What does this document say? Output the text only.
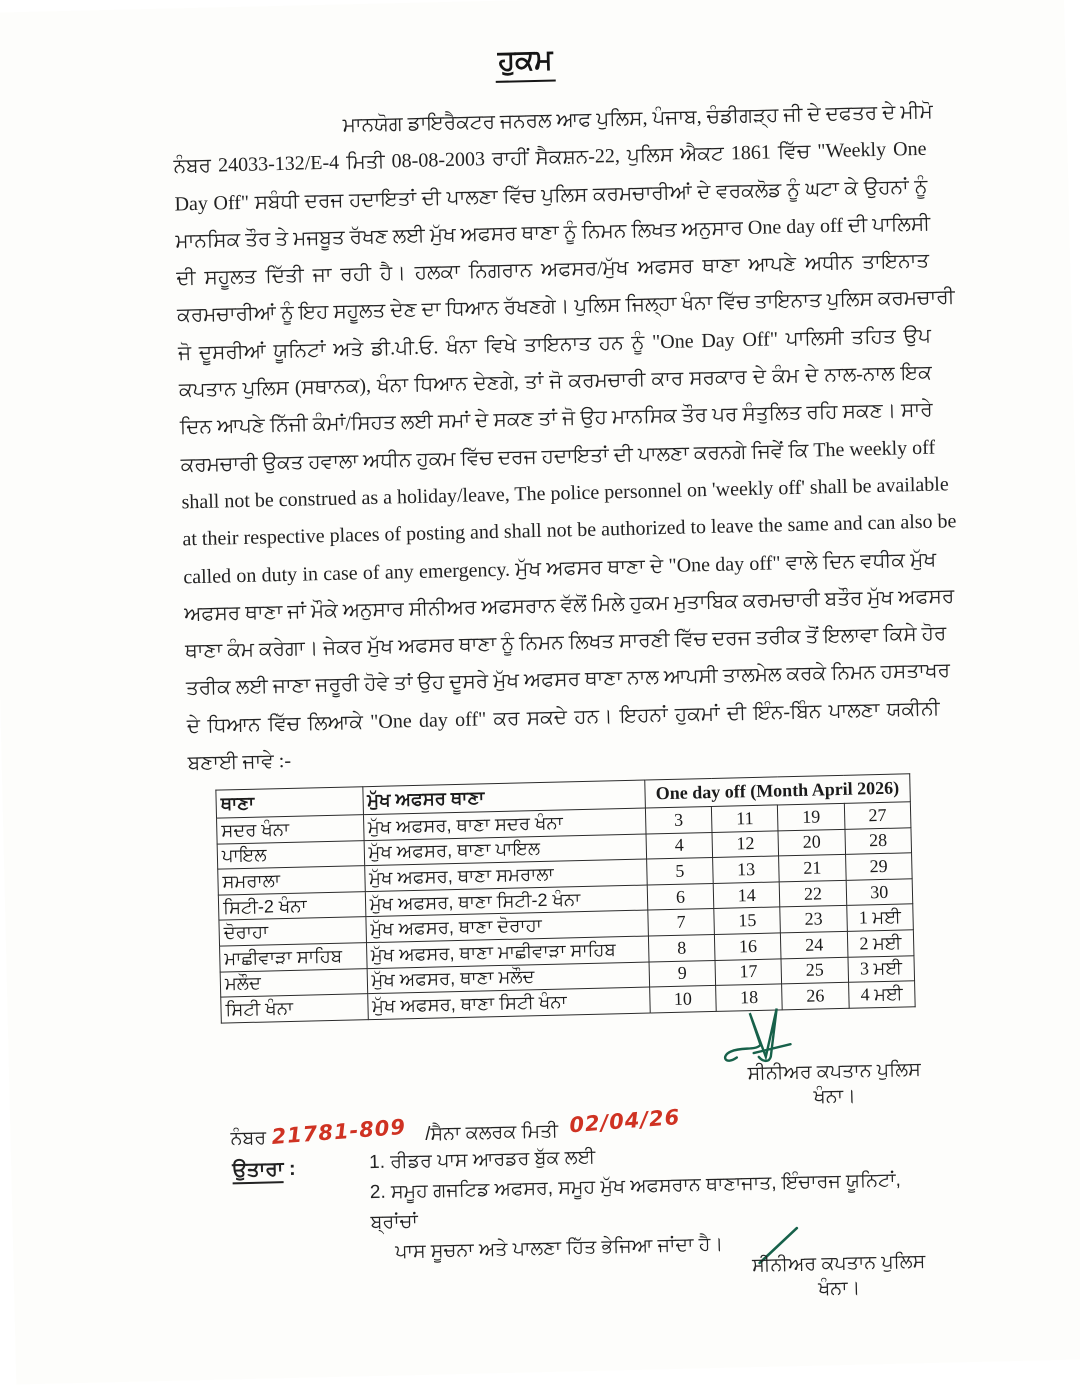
ਹੁਕਮ
ਮਾਨਯੋਗ ਡਾਇਰੈਕਟਰ ਜਨਰਲ ਆਫ ਪੁਲਿਸ, ਪੰਜਾਬ, ਚੰਡੀਗੜ੍ਹ ਜੀ ਦੇ ਦਫਤਰ ਦੇ ਮੀਮੋ
ਨੰਬਰ 24033-132/E-4 ਮਿਤੀ 08-08-2003 ਰਾਹੀਂ ਸੈਕਸ਼ਨ-22, ਪੁਲਿਸ ਐਕਟ 1861 ਵਿੱਚ "Weekly One
Day Off" ਸਬੰਧੀ ਦਰਜ ਹਦਾਇਤਾਂ ਦੀ ਪਾਲਣਾ ਵਿੱਚ ਪੁਲਿਸ ਕਰਮਚਾਰੀਆਂ ਦੇ ਵਰਕਲੋਡ ਨੂੰ ਘਟਾ ਕੇ ਉਹਨਾਂ ਨੂੰ
ਮਾਨਸਿਕ ਤੌਰ ਤੇ ਮਜਬੂਤ ਰੱਖਣ ਲਈ ਮੁੱਖ ਅਫਸਰ ਥਾਣਾ ਨੂੰ ਨਿਮਨ ਲਿਖਤ ਅਨੁਸਾਰ One day off ਦੀ ਪਾਲਿਸੀ
ਦੀ ਸਹੂਲਤ ਦਿੱਤੀ ਜਾ ਰਹੀ ਹੈ। ਹਲਕਾ ਨਿਗਰਾਨ ਅਫਸਰ/ਮੁੱਖ ਅਫਸਰ ਥਾਣਾ ਆਪਣੇ ਅਧੀਨ ਤਾਇਨਾਤ
ਕਰਮਚਾਰੀਆਂ ਨੂੰ ਇਹ ਸਹੂਲਤ ਦੇਣ ਦਾ ਧਿਆਨ ਰੱਖਣਗੇ। ਪੁਲਿਸ ਜਿਲ੍ਹਾ ਖੰਨਾ ਵਿੱਚ ਤਾਇਨਾਤ ਪੁਲਿਸ ਕਰਮਚਾਰੀ
ਜੋ ਦੂਸਰੀਆਂ ਯੂਨਿਟਾਂ ਅਤੇ ਡੀ.ਪੀ.ਓ. ਖੰਨਾ ਵਿਖੇ ਤਾਇਨਾਤ ਹਨ ਨੂੰ "One Day Off" ਪਾਲਿਸੀ ਤਹਿਤ ਉਪ
ਕਪਤਾਨ ਪੁਲਿਸ (ਸਥਾਨਕ), ਖੰਨਾ ਧਿਆਨ ਦੇਣਗੇ, ਤਾਂ ਜੋ ਕਰਮਚਾਰੀ ਕਾਰ ਸਰਕਾਰ ਦੇ ਕੰਮ ਦੇ ਨਾਲ-ਨਾਲ ਇਕ
ਦਿਨ ਆਪਣੇ ਨਿੱਜੀ ਕੰਮਾਂ/ਸਿਹਤ ਲਈ ਸਮਾਂ ਦੇ ਸਕਣ ਤਾਂ ਜੋ ਉਹ ਮਾਨਸਿਕ ਤੌਰ ਪਰ ਸੰਤੁਲਿਤ ਰਹਿ ਸਕਣ। ਸਾਰੇ
ਕਰਮਚਾਰੀ ਉਕਤ ਹਵਾਲਾ ਅਧੀਨ ਹੁਕਮ ਵਿੱਚ ਦਰਜ ਹਦਾਇਤਾਂ ਦੀ ਪਾਲਣਾ ਕਰਨਗੇ ਜਿਵੇਂ ਕਿ The weekly off
shall not be construed as a holiday/leave, The police personnel on 'weekly off' shall be available
at their respective places of posting and shall not be authorized to leave the same and can also be
called on duty in case of any emergency. ਮੁੱਖ ਅਫਸਰ ਥਾਣਾ ਦੇ "One day off" ਵਾਲੇ ਦਿਨ ਵਧੀਕ ਮੁੱਖ
ਅਫਸਰ ਥਾਣਾ ਜਾਂ ਮੌਕੇ ਅਨੁਸਾਰ ਸੀਨੀਅਰ ਅਫਸਰਾਨ ਵੱਲੋਂ ਮਿਲੇ ਹੁਕਮ ਮੁਤਾਬਿਕ ਕਰਮਚਾਰੀ ਬਤੌਰ ਮੁੱਖ ਅਫਸਰ
ਥਾਣਾ ਕੰਮ ਕਰੇਗਾ। ਜੇਕਰ ਮੁੱਖ ਅਫਸਰ ਥਾਣਾ ਨੂੰ ਨਿਮਨ ਲਿਖਤ ਸਾਰਣੀ ਵਿੱਚ ਦਰਜ ਤਰੀਕ ਤੋਂ ਇਲਾਵਾ ਕਿਸੇ ਹੋਰ
ਤਰੀਕ ਲਈ ਜਾਣਾ ਜਰੂਰੀ ਹੋਵੇ ਤਾਂ ਉਹ ਦੂਸਰੇ ਮੁੱਖ ਅਫਸਰ ਥਾਣਾ ਨਾਲ ਆਪਸੀ ਤਾਲਮੇਲ ਕਰਕੇ ਨਿਮਨ ਹਸਤਾਖਰ
ਦੇ ਧਿਆਨ ਵਿੱਚ ਲਿਆਕੇ "One day off" ਕਰ ਸਕਦੇ ਹਨ। ਇਹਨਾਂ ਹੁਕਮਾਂ ਦੀ ਇੰਨ-ਬਿੰਨ ਪਾਲਣਾ ਯਕੀਨੀ
ਬਣਾਈ ਜਾਵੇ :-
ਥਾਣਾ	ਮੁੱਖ ਅਫਸਰ ਥਾਣਾ	One day off (Month April 2026)			
ਸਦਰ ਖੰਨਾ	ਮੁੱਖ ਅਫਸਰ, ਥਾਣਾ ਸਦਰ ਖੰਨਾ	3	11	19	27
ਪਾਇਲ	ਮੁੱਖ ਅਫਸਰ, ਥਾਣਾ ਪਾਇਲ	4	12	20	28
ਸਮਰਾਲਾ	ਮੁੱਖ ਅਫਸਰ, ਥਾਣਾ ਸਮਰਾਲਾ	5	13	21	29
ਸਿਟੀ-2 ਖੰਨਾ	ਮੁੱਖ ਅਫਸਰ, ਥਾਣਾ ਸਿਟੀ-2 ਖੰਨਾ	6	14	22	30
ਦੋਰਾਹਾ	ਮੁੱਖ ਅਫਸਰ, ਥਾਣਾ ਦੋਰਾਹਾ	7	15	23	1 ਮਈ
ਮਾਛੀਵਾੜਾ ਸਾਹਿਬ	ਮੁੱਖ ਅਫਸਰ, ਥਾਣਾ ਮਾਛੀਵਾੜਾ ਸਾਹਿਬ	8	16	24	2 ਮਈ
ਮਲੌਦ	ਮੁੱਖ ਅਫਸਰ, ਥਾਣਾ ਮਲੌਦ	9	17	25	3 ਮਈ
ਸਿਟੀ ਖੰਨਾ	ਮੁੱਖ ਅਫਸਰ, ਥਾਣਾ ਸਿਟੀ ਖੰਨਾ	10	18	26	4 ਮਈ
ਸੀਨੀਅਰ ਕਪਤਾਨ ਪੁਲਿਸ
ਖੰਨਾ।
ਨੰਬਰ 21781-809 /ਸੈਨਾ ਕਲਰਕ ਮਿਤੀ 02/04/26
ਉਤਾਰਾ :	1. ਰੀਡਰ ਪਾਸ ਆਰਡਰ ਬੁੱਕ ਲਈ
2. ਸਮੂਹ ਗਜਟਿਡ ਅਫਸਰ, ਸਮੂਹ ਮੁੱਖ ਅਫਸਰਾਨ ਥਾਣਾਜਾਤ, ਇੰਚਾਰਜ ਯੂਨਿਟਾਂ, ਬ੍ਰਾਂਚਾਂ
ਪਾਸ ਸੂਚਨਾ ਅਤੇ ਪਾਲਣਾ ਹਿੱਤ ਭੇਜਿਆ ਜਾਂਦਾ ਹੈ।
ਸੀਨੀਅਰ ਕਪਤਾਨ ਪੁਲਿਸ
ਖੰਨਾ।
